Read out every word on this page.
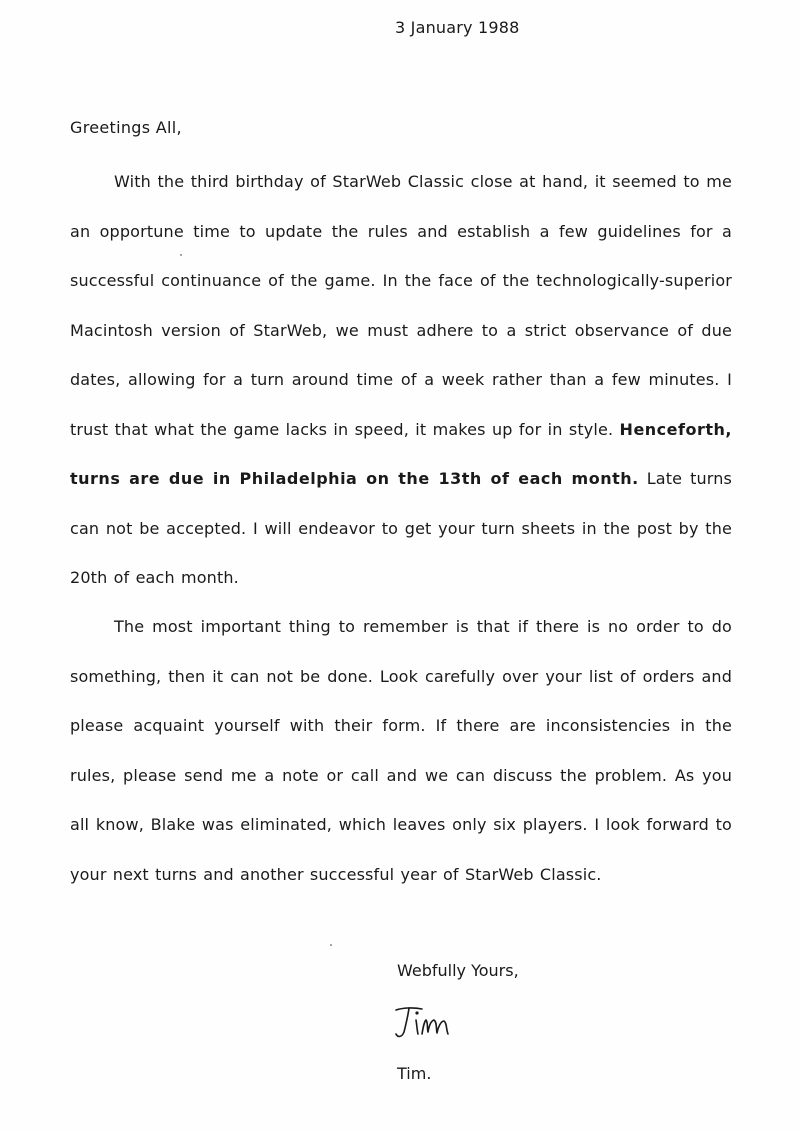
3 January 1988
Greetings All,

With the third birthday of StarWeb Classic close at hand, it seemed to me an opportune time to update the rules and establish a few guidelines for a successful continuance of the game. In the face of the technologically-superior Macintosh version of StarWeb, we must adhere to a strict observance of due dates, allowing for a turn around time of a week rather than a few minutes. I trust that what the game lacks in speed, it makes up for in style. Henceforth, turns are due in Philadelphia on the 13th of each month. Late turns can not be accepted. I will endeavor to get your turn sheets in the post by the 20th of each month.

The most important thing to remember is that if there is no order to do something, then it can not be done. Look carefully over your list of orders and please acquaint yourself with their form. If there are inconsistencies in the rules, please send me a note or call and we can discuss the problem. As you all know, Blake was eliminated, which leaves only six players. I look forward to your next turns and another successful year of StarWeb Classic.

Webfully Yours,
Tim.
